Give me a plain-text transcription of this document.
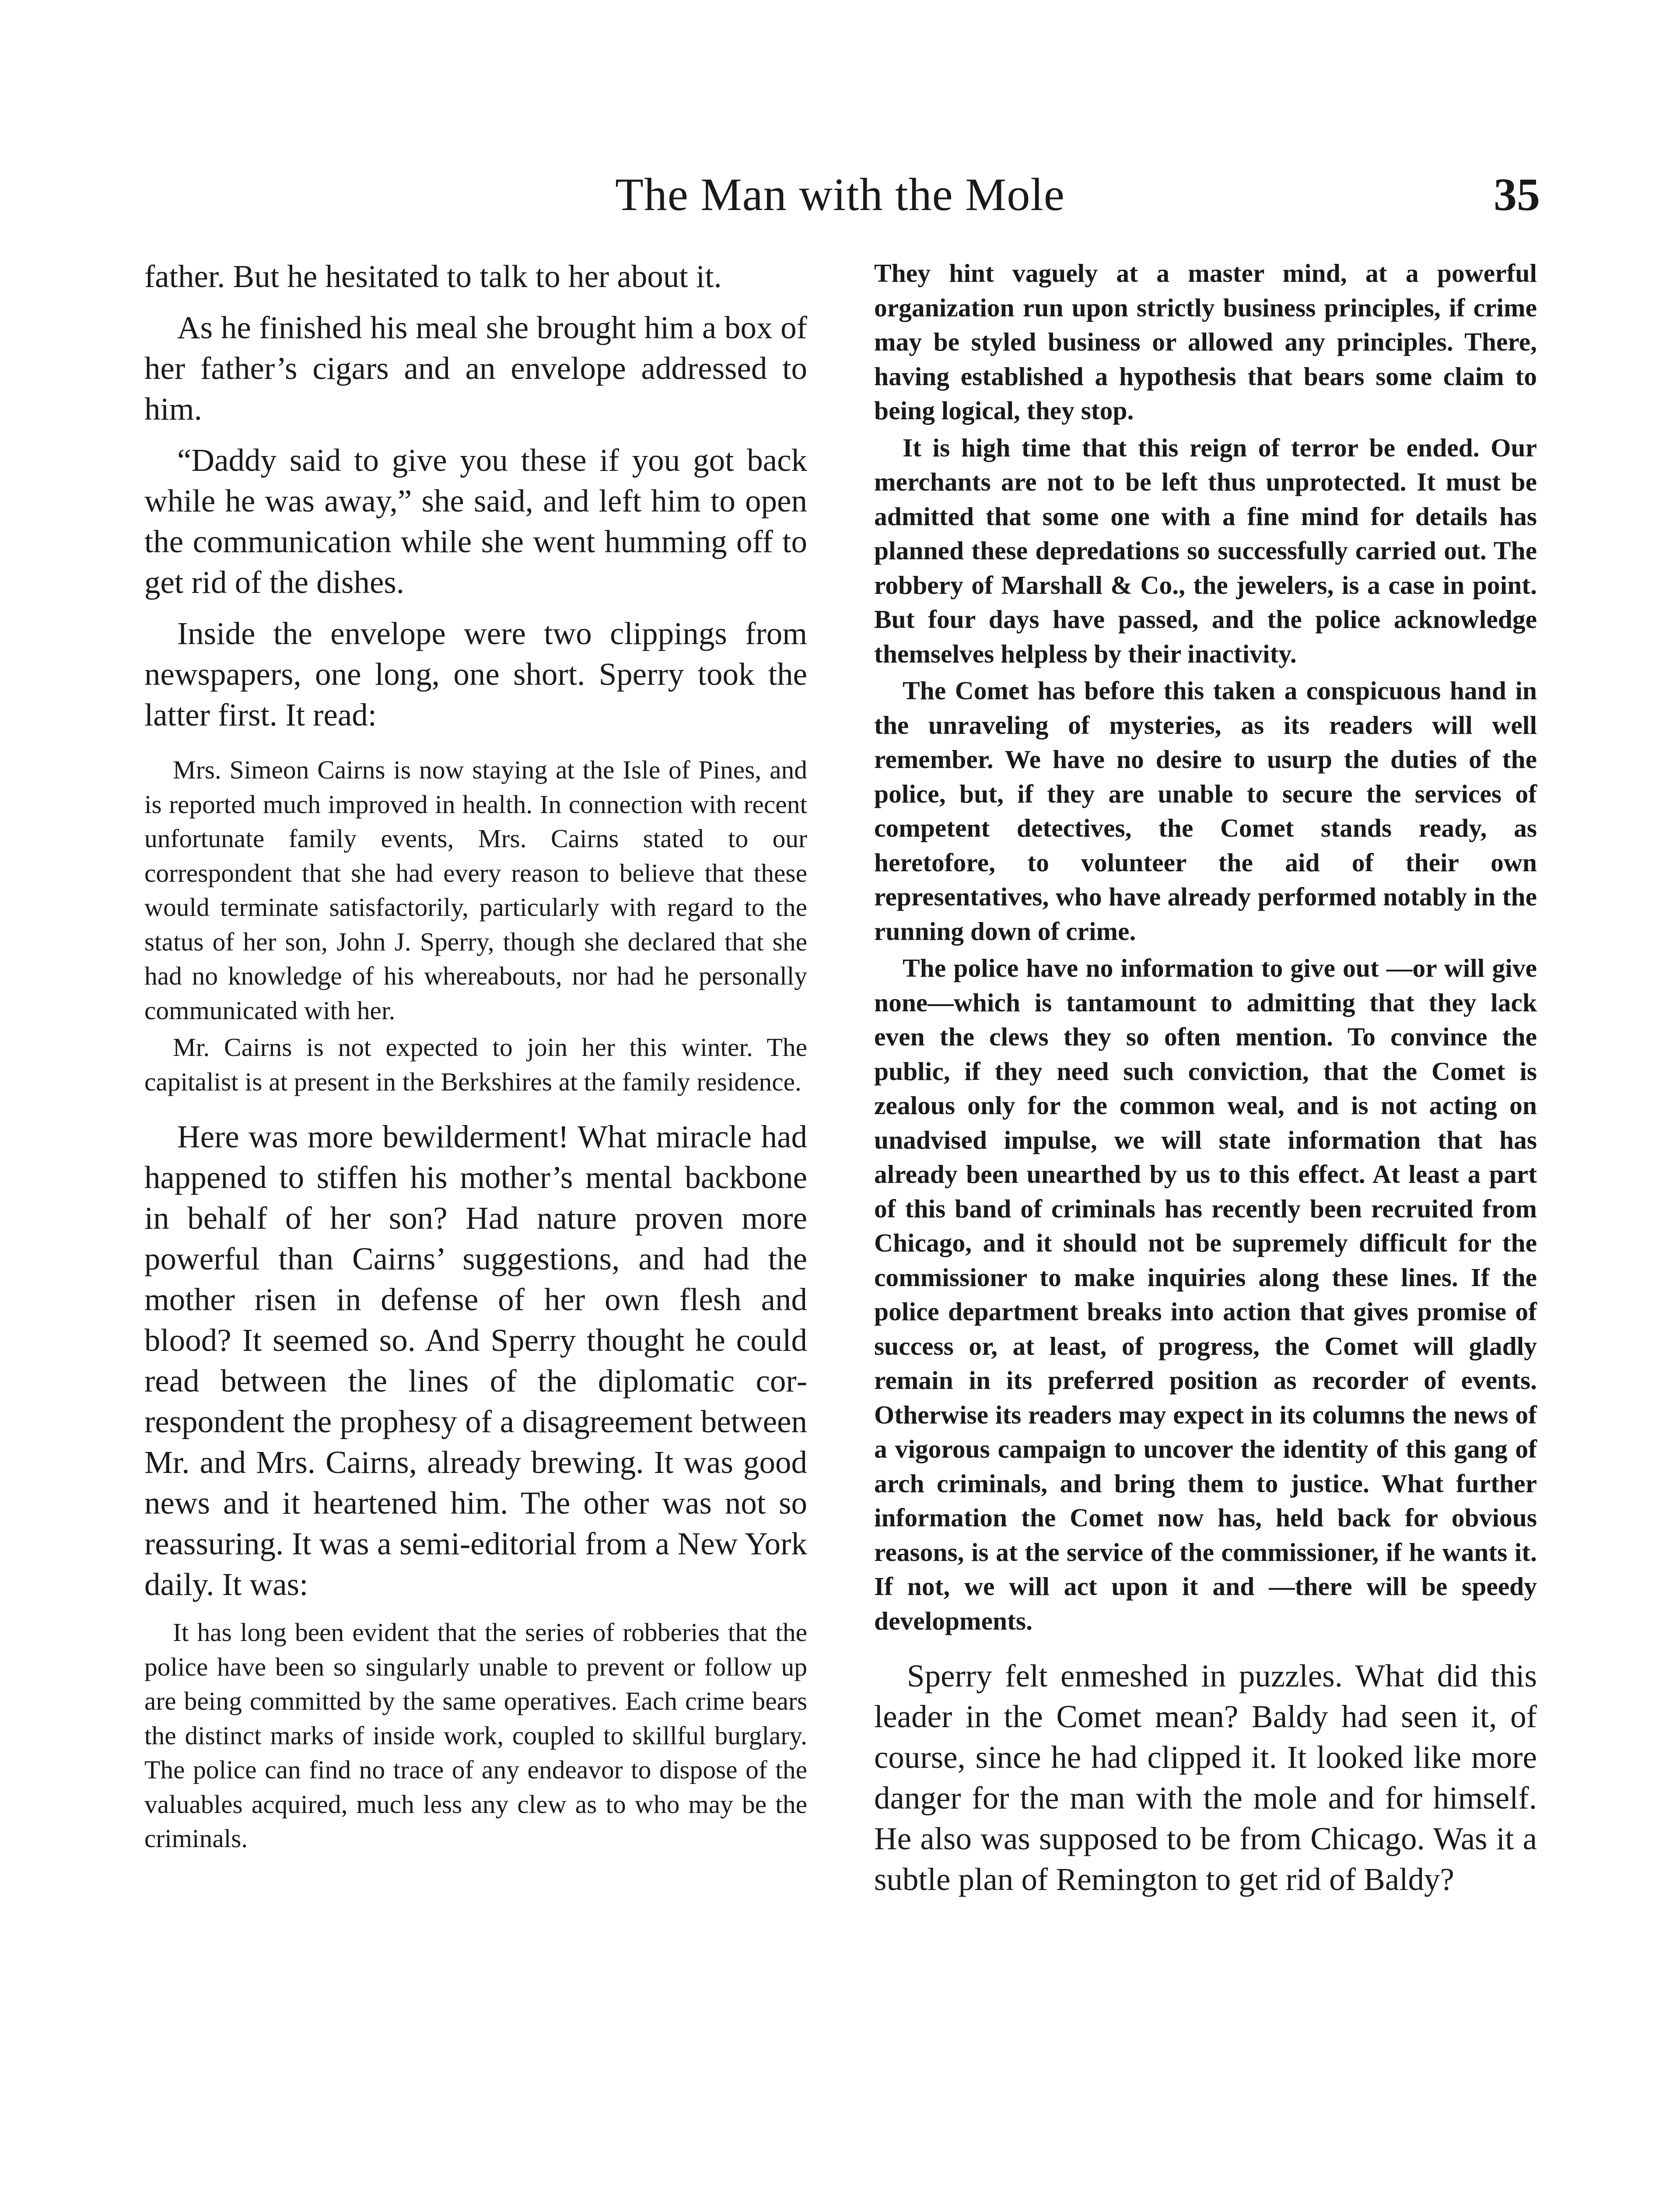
The Man with the Mole	35

father. But he hesitated to talk to her about it.

As he finished his meal she brought him a box of her father’s cigars and an envelope addressed to him.

“Daddy said to give you these if you got back while he was away,” she said, and left him to open the communication while she went humming off to get rid of the dishes.

Inside the envelope were two clippings from newspapers, one long, one short. Sperry took the latter first. It read:

Mrs. Simeon Cairns is now staying at the Isle of Pines, and is reported much improved in health. In connection with recent unfortunate family events, Mrs. Cairns stated to our correspondent that she had every reason to believe that these would terminate satisfactorily, particularly with regard to the status of her son, John J. Sperry, though she declared that she had no knowledge of his whereabouts, nor had he personally communicated with her.

Mr. Cairns is not expected to join her this winter. The capitalist is at present in the Berkshires at the family residence.

Here was more bewilderment! What miracle had happened to stiffen his mother’s mental backbone in behalf of her son? Had nature proven more powerful than Cairns’ suggestions, and had the mother risen in defense of her own flesh and blood? It seemed so. And Sperry thought he could read between the lines of the diplomatic correspondent the prophesy of a disagreement between Mr. and Mrs. Cairns, already brewing. It was good news and it heartened him. The other was not so reassuring. It was a semi-editorial from a New York daily. It was:

It has long been evident that the series of robberies that the police have been so singularly unable to prevent or follow up are being committed by the same operatives. Each crime bears the distinct marks of inside work, coupled to skillful burglary. The police can find no trace of any endeavor to dispose of the valuables acquired, much less any clew as to who may be the criminals.

They hint vaguely at a master mind, at a powerful organization run upon strictly business principles, if crime may be styled business or allowed any principles. There, having established a hypothesis that bears some claim to being logical, they stop.

It is high time that this reign of terror be ended. Our merchants are not to be left thus unprotected. It must be admitted that some one with a fine mind for details has planned these depredations so successfully carried out. The robbery of Marshall & Co., the jewelers, is a case in point. But four days have passed, and the police acknowledge themselves helpless by their inactivity.

The Comet has before this taken a conspicuous hand in the unraveling of mysteries, as its readers will well remember. We have no desire to usurp the duties of the police, but, if they are unable to secure the services of competent detectives, the Comet stands ready, as heretofore, to volunteer the aid of their own representatives, who have already performed notably in the running down of crime.

The police have no information to give out —or will give none—which is tantamount to admitting that they lack even the clews they so often mention. To convince the public, if they need such conviction, that the Comet is zealous only for the common weal, and is not acting on unadvised impulse, we will state information that has already been unearthed by us to this effect. At least a part of this band of criminals has recently been recruited from Chicago, and it should not be supremely difficult for the commissioner to make inquiries along these lines. If the police department breaks into action that gives promise of success or, at least, of progress, the Comet will gladly remain in its preferred position as recorder of events. Otherwise its readers may expect in its columns the news of a vigorous campaign to uncover the identity of this gang of arch criminals, and bring them to justice. What further information the Comet now has, held back for obvious reasons, is at the service of the commissioner, if he wants it. If not, we will act upon it and —there will be speedy developments.

Sperry felt enmeshed in puzzles. What did this leader in the Comet mean? Baldy had seen it, of course, since he had clipped it. It looked like more danger for the man with the mole and for himself. He also was supposed to be from Chicago. Was it a subtle plan of Remington to get rid of Baldy?
